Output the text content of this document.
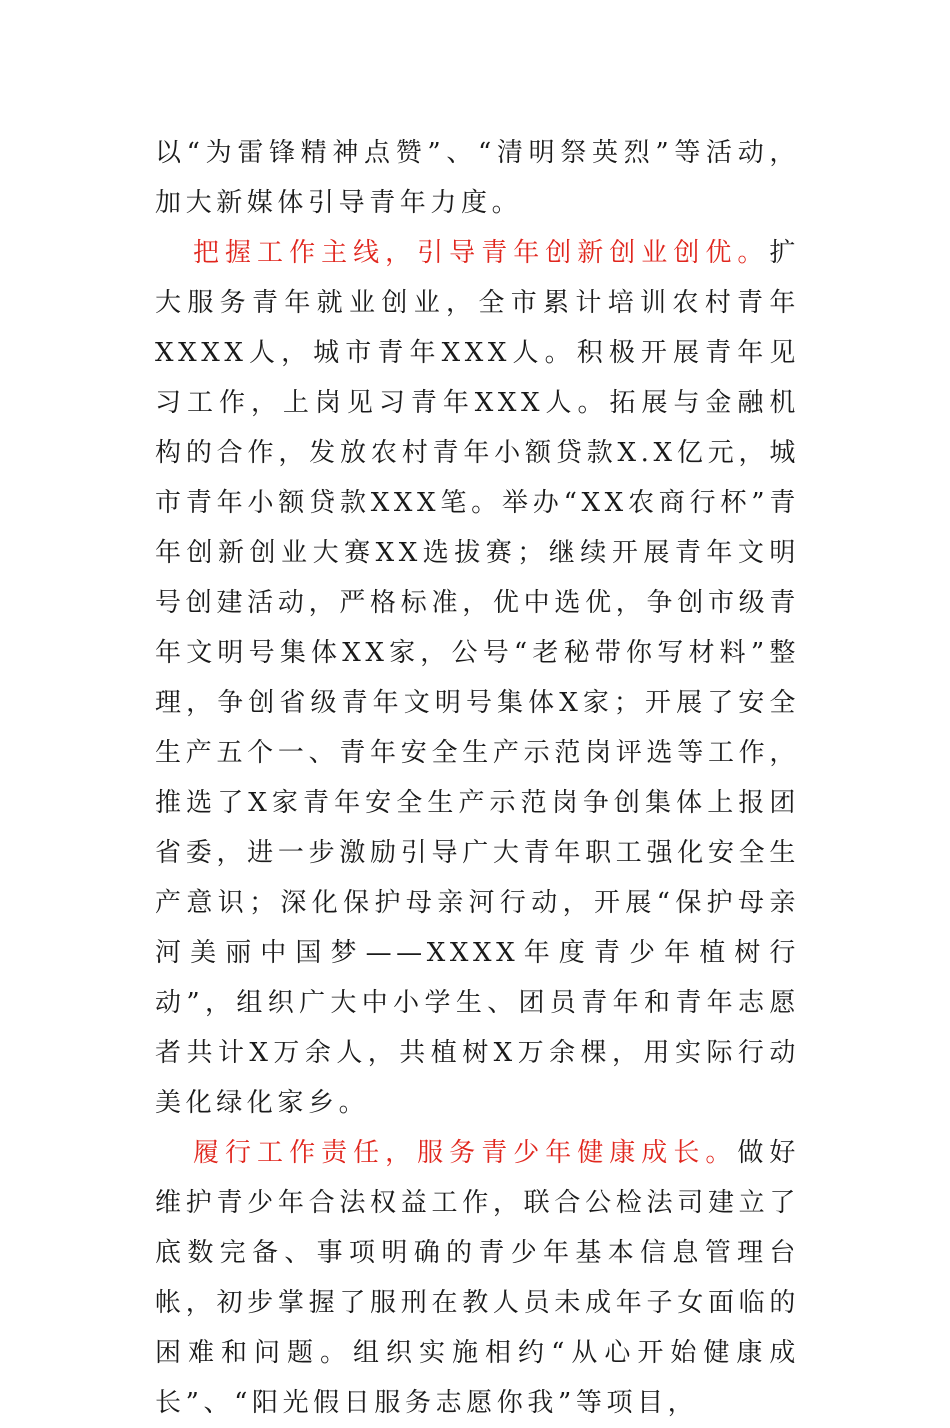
以“为雷锋精神点赞”、“清明祭英烈”等活动，加大新媒体引导青年力度。

把握工作主线，引导青年创新创业创优。扩大服务青年就业创业，全市累计培训农村青年XXXX人，城市青年XXX人。积极开展青年见习工作，上岗见习青年XXX人。拓展与金融机构的合作，发放农村青年小额贷款X.X亿元，城市青年小额贷款XXX笔。举办“XX农商行杯”青年创新创业大赛XX选拔赛；继续开展青年文明号创建活动，严格标准，优中选优，争创市级青年文明号集体XX家，公号“老秘带你写材料”整理，争创省级青年文明号集体X家；开展了安全生产五个一、青年安全生产示范岗评选等工作，推选了X家青年安全生产示范岗争创集体上报团省委，进一步激励引导广大青年职工强化安全生产意识；深化保护母亲河行动，开展“保护母亲河美丽中国梦——XXXX年度青少年植树行动”，组织广大中小学生、团员青年和青年志愿者共计X万余人，共植树X万余棵，用实际行动美化绿化家乡。

履行工作责任，服务青少年健康成长。做好维护青少年合法权益工作，联合公检法司建立了底数完备、事项明确的青少年基本信息管理台帐，初步掌握了服刑在教人员未成年子女面临的困难和问题。组织实施相约“从心开始健康成长”、“阳光假日服务志愿你我”等项目，
